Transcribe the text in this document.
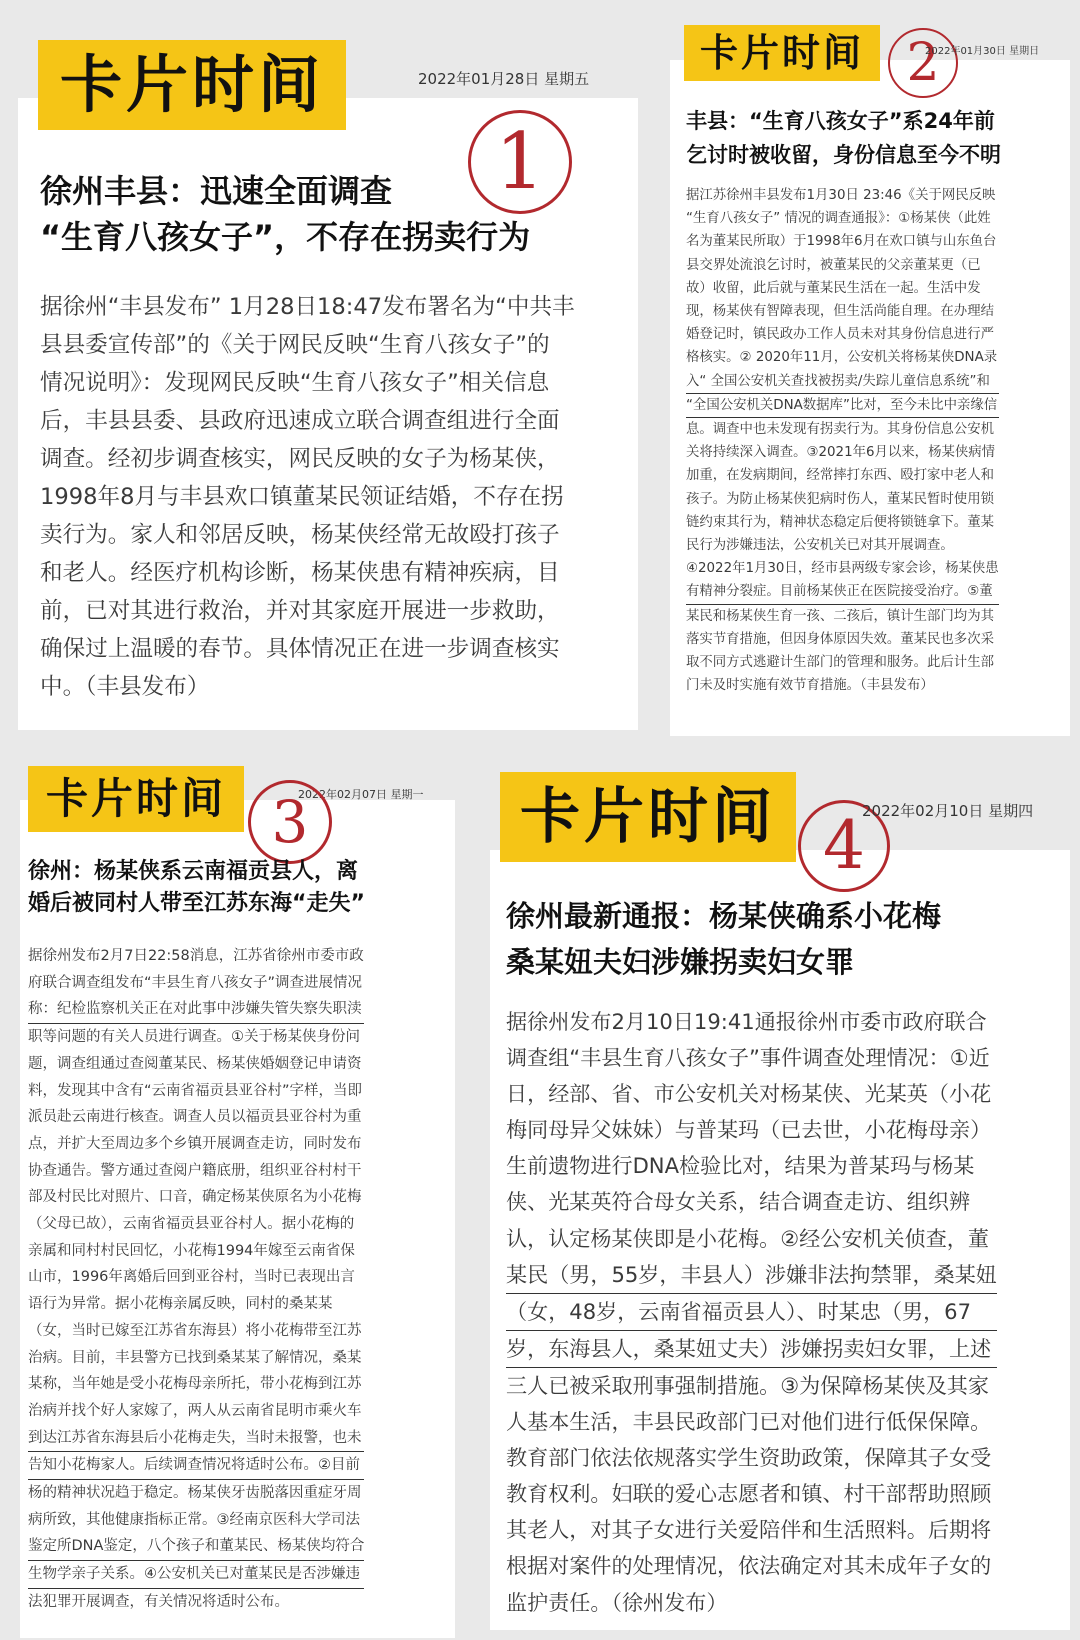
卡片时间	2022年01月28日 星期五
1
徐州丰县：迅速全面调查
“生育八孩女子”，不存在拐卖行为
据徐州“丰县发布” 1月28日18:47发布署名为“中共丰
县县委宣传部”的《关于网民反映“生育八孩女子”的
情况说明》：发现网民反映“生育八孩女子”相关信息
后，丰县县委、县政府迅速成立联合调查组进行全面
调查。经初步调查核实，网民反映的女子为杨某侠，
1998年8月与丰县欢口镇董某民领证结婚，不存在拐
卖行为。家人和邻居反映，杨某侠经常无故殴打孩子
和老人。经医疗机构诊断，杨某侠患有精神疾病，目
前，已对其进行救治，并对其家庭开展进一步救助，
确保过上温暖的春节。具体情况正在进一步调查核实
中。（丰县发布）
卡片时间 2
2022年01月30日 星期日
丰县：“生育八孩女子”系24年前
乞讨时被收留，身份信息至今不明
据江苏徐州丰县发布1月30日 23:46《关于网民反映
“生育八孩女子” 情况的调查通报》：①杨某侠（此姓
名为董某民所取）于1998年6月在欢口镇与山东鱼台
县交界处流浪乞讨时，被董某民的父亲董某更（已
故）收留，此后就与董某民生活在一起。生活中发
现，杨某侠有智障表现，但生活尚能自理。在办理结
婚登记时，镇民政办工作人员未对其身份信息进行严
格核实。② 2020年11月，公安机关将杨某侠DNA录
入“ 全国公安机关查找被拐卖/失踪儿童信息系统”和
“全国公安机关DNA数据库”比对，至今未比中亲缘信
息。调查中也未发现有拐卖行为。其身份信息公安机
关将持续深入调查。③2021年6月以来，杨某侠病情
加重，在发病期间，经常摔打东西、殴打家中老人和
孩子。为防止杨某侠犯病时伤人，董某民暂时使用锁
链约束其行为，精神状态稳定后便将锁链拿下。董某
民行为涉嫌违法，公安机关已对其开展调查。
④2022年1月30日，经市县两级专家会诊，杨某侠患
有精神分裂症。目前杨某侠正在医院接受治疗。⑤董
某民和杨某侠生育一孩、二孩后，镇计生部门均为其
落实节育措施，但因身体原因失效。董某民也多次采
取不同方式逃避计生部门的管理和服务。此后计生部
门未及时实施有效节育措施。（丰县发布）
卡片时间	2022年02月07日 星期一
3
徐州：杨某侠系云南福贡县人，离
婚后被同村人带至江苏东海“走失”
据徐州发布2月7日22:58消息，江苏省徐州市委市政
府联合调查组发布“丰县生育八孩女子”调查进展情况
称：纪检监察机关正在对此事中涉嫌失管失察失职渎
职等问题的有关人员进行调查。①关于杨某侠身份问
题，调查组通过查阅董某民、杨某侠婚姻登记申请资
料，发现其中含有“云南省福贡县亚谷村”字样，当即
派员赴云南进行核查。调查人员以福贡县亚谷村为重
点，并扩大至周边多个乡镇开展调查走访，同时发布
协查通告。警方通过查阅户籍底册，组织亚谷村村干
部及村民比对照片、口音，确定杨某侠原名为小花梅
（父母已故），云南省福贡县亚谷村人。据小花梅的
亲属和同村村民回忆，小花梅1994年嫁至云南省保
山市，1996年离婚后回到亚谷村，当时已表现出言
语行为异常。据小花梅亲属反映，同村的桑某某
（女，当时已嫁至江苏省东海县）将小花梅带至江苏
治病。目前，丰县警方已找到桑某某了解情况，桑某
某称，当年她是受小花梅母亲所托，带小花梅到江苏
治病并找个好人家嫁了，两人从云南省昆明市乘火车
到达江苏省东海县后小花梅走失，当时未报警，也未
告知小花梅家人。后续调查情况将适时公布。②目前
杨的精神状况趋于稳定。杨某侠牙齿脱落因重症牙周
病所致，其他健康指标正常。③经南京医科大学司法
鉴定所DNA鉴定，八个孩子和董某民、杨某侠均符合
生物学亲子关系。④公安机关已对董某民是否涉嫌违
法犯罪开展调查，有关情况将适时公布。
卡片时间 4
2022年02月10日 星期四
徐州最新通报：杨某侠确系小花梅
桑某妞夫妇涉嫌拐卖妇女罪
据徐州发布2月10日19:41通报徐州市委市政府联合
调查组“丰县生育八孩女子”事件调查处理情况：①近
日，经部、省、市公安机关对杨某侠、光某英（小花
梅同母异父妹妹）与普某玛（已去世，小花梅母亲）
生前遗物进行DNA检验比对，结果为普某玛与杨某
侠、光某英符合母女关系，结合调查走访、组织辨
认，认定杨某侠即是小花梅。②经公安机关侦查，董
某民（男，55岁，丰县人）涉嫌非法拘禁罪，桑某妞
（女，48岁，云南省福贡县人）、时某忠（男，67
岁，东海县人，桑某妞丈夫）涉嫌拐卖妇女罪，上述
三人已被采取刑事强制措施。③为保障杨某侠及其家
人基本生活，丰县民政部门已对他们进行低保保障。
教育部门依法依规落实学生资助政策，保障其子女受
教育权利。妇联的爱心志愿者和镇、村干部帮助照顾
其老人，对其子女进行关爱陪伴和生活照料。后期将
根据对案件的处理情况，依法确定对其未成年子女的
监护责任。（徐州发布）
